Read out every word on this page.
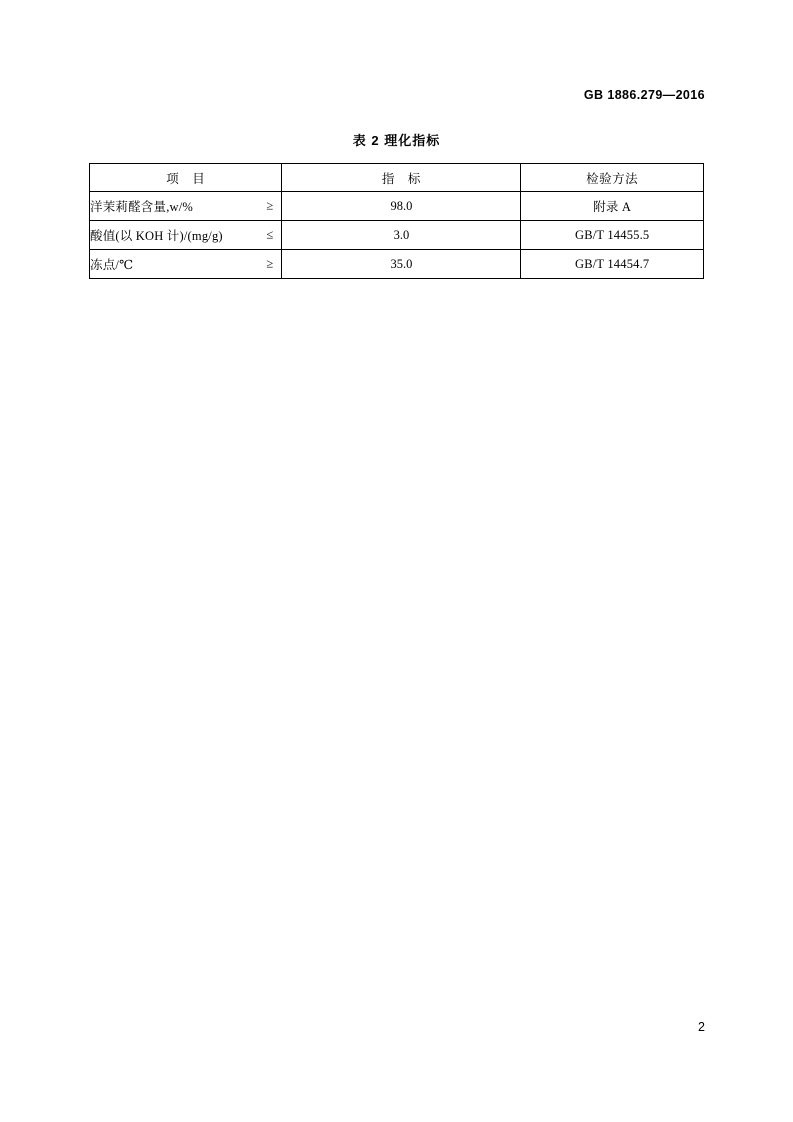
GB 1886.279—2016
表 2 理化指标
项　目	指　标	检验方法
洋茉莉醛含量,w/% ≥	98.0	附录 A
酸值(以 KOH 计)/(mg/g) ≤	3.0	GB/T 14455.5
冻点/℃ ≥	35.0	GB/T 14454.7
2
